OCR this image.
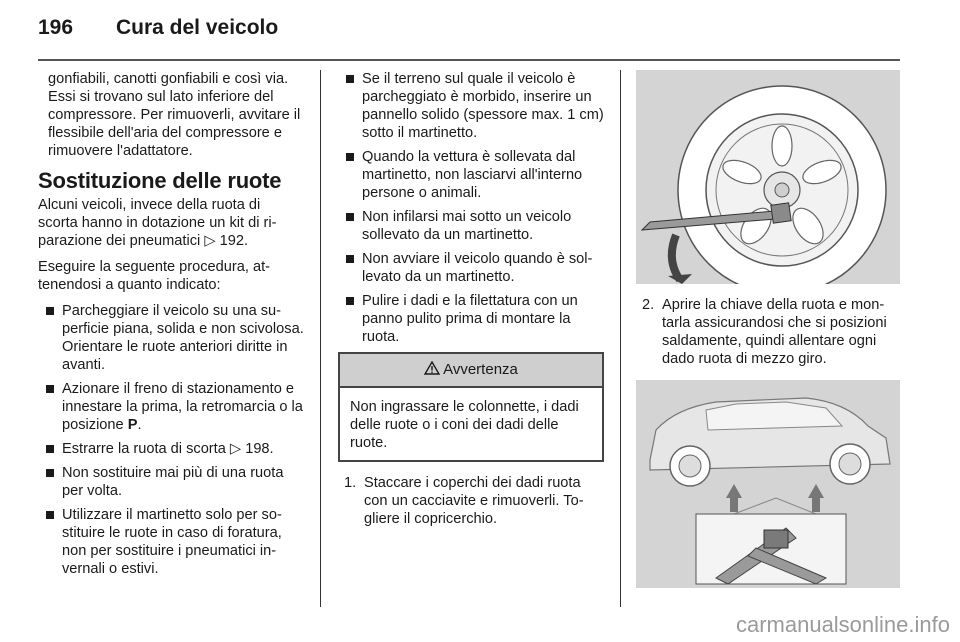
196 Cura del veicolo

gonfiabili, canotti gonfiabili e così via. Essi si trovano sul lato inferiore del compressore. Per rimuoverli, avvitare il flessibile dell'aria del compressore e rimuovere l'adattatore.

Sostituzione delle ruote

Alcuni veicoli, invece della ruota di scorta hanno in dotazione un kit di riparazione dei pneumatici ▷ 192.

Eseguire la seguente procedura, attenendosi a quanto indicato:

Parcheggiare il veicolo su una superficie piana, solida e non scivolosa. Orientare le ruote anteriori diritte in avanti.
Azionare il freno di stazionamento e innestare la prima, la retromarcia o la posizione P.
Estrarre la ruota di scorta ▷ 198.
Non sostituire mai più di una ruota per volta.
Utilizzare il martinetto solo per sostituire le ruote in caso di foratura, non per sostituire i pneumatici invernali o estivi.
Se il terreno sul quale il veicolo è parcheggiato è morbido, inserire un pannello solido (spessore max. 1 cm) sotto il martinetto.
Quando la vettura è sollevata dal martinetto, non lasciarvi all'interno persone o animali.
Non infilarsi mai sotto un veicolo sollevato da un martinetto.
Non avviare il veicolo quando è sollevato da un martinetto.
Pulire i dadi e la filettatura con un panno pulito prima di montare la ruota.
Avvertenza
Non ingrassare le colonnette, i dadi delle ruote o i coni dei dadi delle ruote.
1. Staccare i coperchi dei dadi ruota con un cacciavite e rimuoverli. Togliere il copricerchio.
2. Aprire la chiave della ruota e montarla assicurandosi che si posizioni saldamente, quindi allentare ogni dado ruota di mezzo giro.
carmanualsonline.info
